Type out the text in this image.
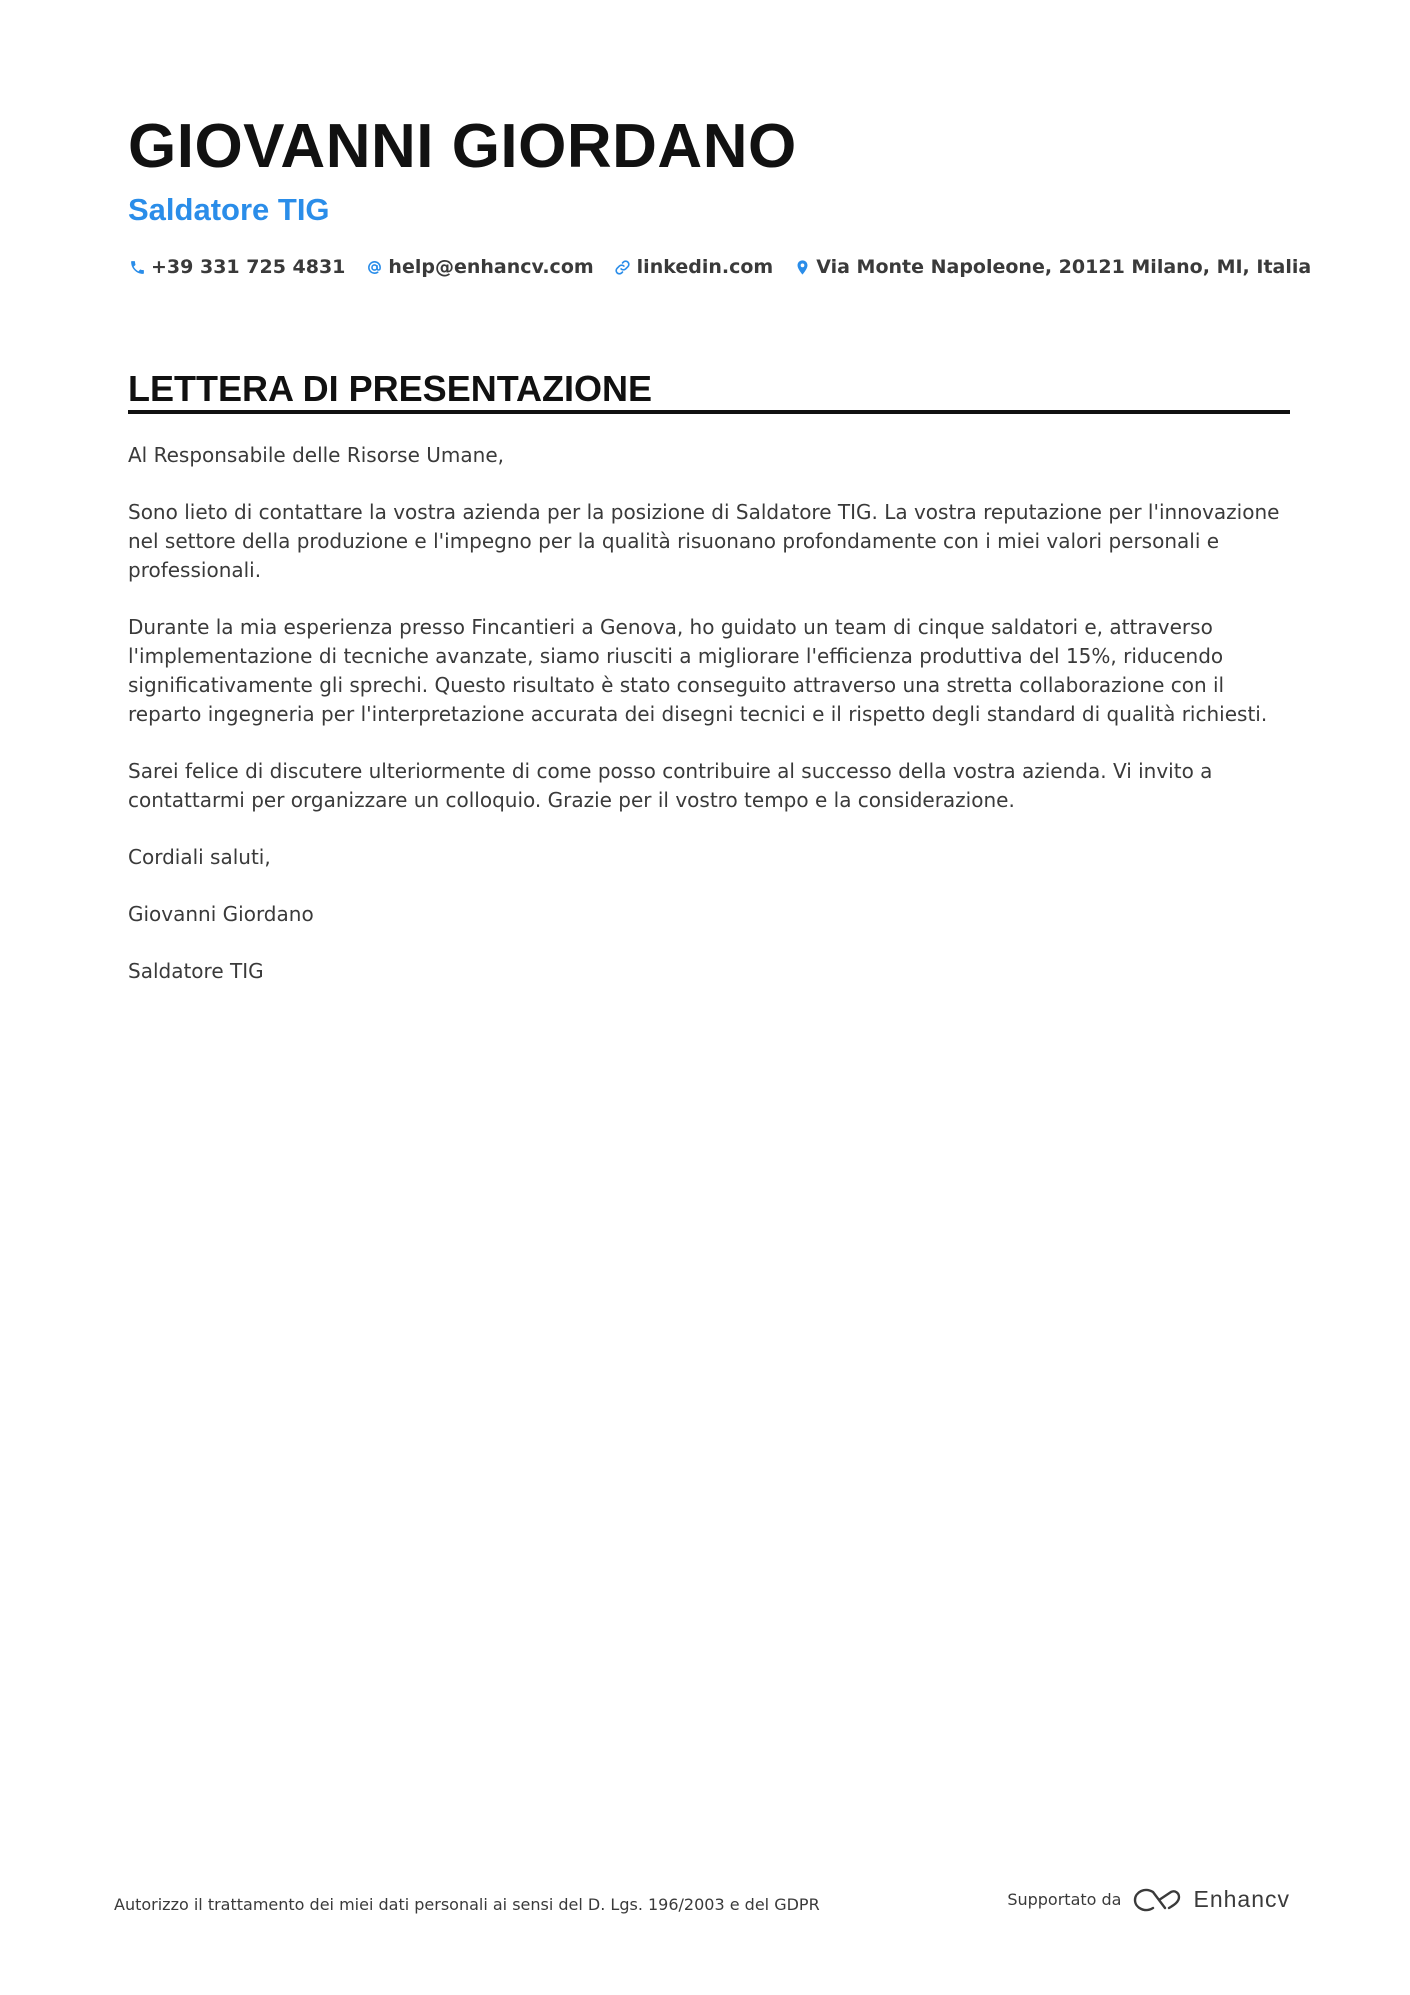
GIOVANNI GIORDANO
Saldatore TIG
+39 331 725 4831 help@enhancv.com linkedin.com Via Monte Napoleone, 20121 Milano, MI, Italia
LETTERA DI PRESENTAZIONE

Al Responsabile delle Risorse Umane,

Sono lieto di contattare la vostra azienda per la posizione di Saldatore TIG. La vostra reputazione per l'innovazione nel settore della produzione e l'impegno per la qualità risuonano profondamente con i miei valori personali e professionali.

Durante la mia esperienza presso Fincantieri a Genova, ho guidato un team di cinque saldatori e, attraverso l'implementazione di tecniche avanzate, siamo riusciti a migliorare l'efficienza produttiva del 15%, riducendo significativamente gli sprechi. Questo risultato è stato conseguito attraverso una stretta collaborazione con il reparto ingegneria per l'interpretazione accurata dei disegni tecnici e il rispetto degli standard di qualità richiesti.

Sarei felice di discutere ulteriormente di come posso contribuire al successo della vostra azienda. Vi invito a contattarmi per organizzare un colloquio. Grazie per il vostro tempo e la considerazione.

Cordiali saluti,

Giovanni Giordano

Saldatore TIG

Autorizzo il trattamento dei miei dati personali ai sensi del D. Lgs. 196/2003 e del GDPR	Supportato da	Enhancv
